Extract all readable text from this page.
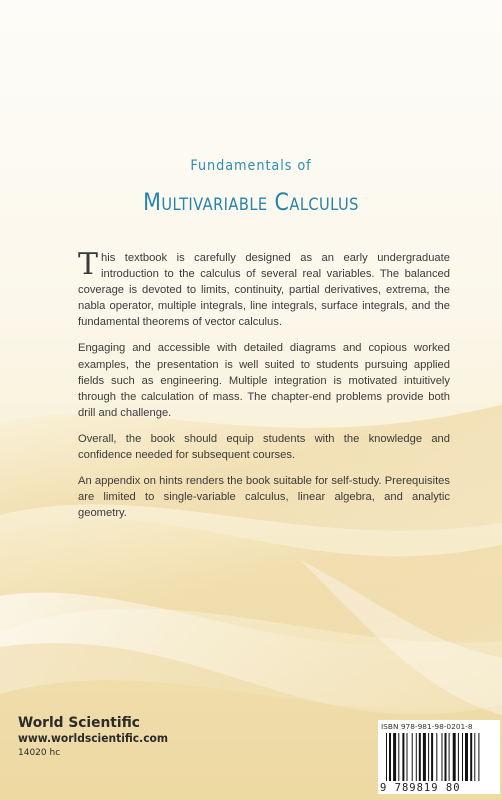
Fundamentals of
Multivariable Calculus

This textbook is carefully designed as an early undergraduate introduction to the calculus of several real variables. The balanced coverage is devoted to limits, continuity, partial derivatives, extrema, the nabla operator, multiple integrals, line integrals, surface integrals, and the fundamental theorems of vector calculus.

Engaging and accessible with detailed diagrams and copious worked examples, the presentation is well suited to students pursuing applied fields such as engineering. Multiple integration is motivated intuitively through the calculation of mass. The chapter-end problems provide both drill and challenge.

Overall, the book should equip students with the knowledge and confidence needed for subsequent courses.

An appendix on hints renders the book suitable for self-study. Prerequisites are limited to single-variable calculus, linear algebra, and analytic geometry.

World Scientific
www.worldscientific.com
14020 hc
ISBN 978-981-98-0201-8
9 789819 80
